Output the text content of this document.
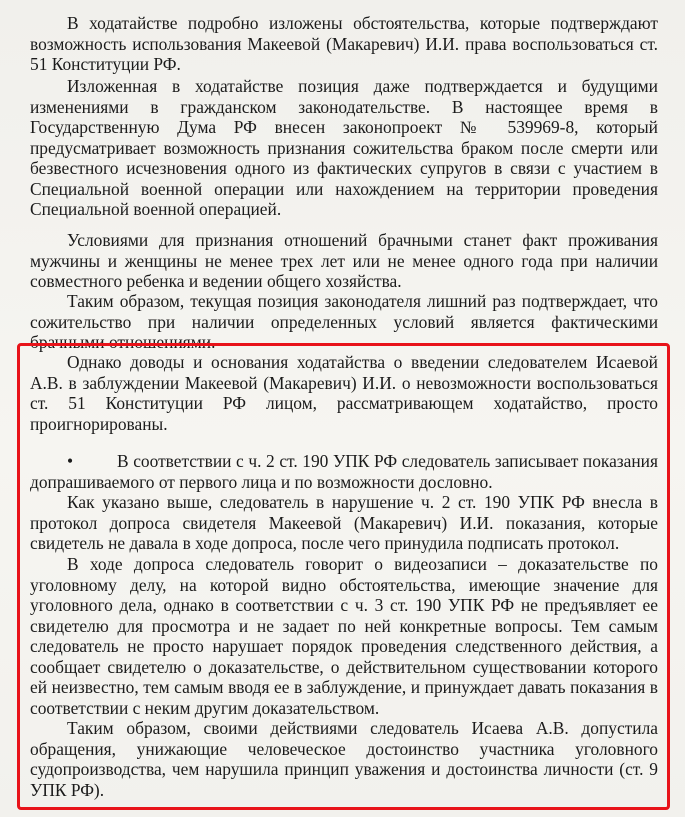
В ходатайстве подробно изложены обстоятельства, которые подтверждают возможность использования Макеевой (Макаревич) И.И. права воспользоваться ст. 51 Конституции РФ.

Изложенная в ходатайстве позиция даже подтверждается и будущими изменениями в гражданском законодательстве. В настоящее время в Государственную Дума РФ внесен законопроект № 539969-8, который предусматривает возможность признания сожительства браком после смерти или безвестного исчезновения одного из фактических супругов в связи с участием в Специальной военной операции или нахождением на территории проведения Специальной военной операцией.

Условиями для признания отношений брачными станет факт проживания мужчины и женщины не менее трех лет или не менее одного года при наличии совместного ребенка и ведении общего хозяйства.

Таким образом, текущая позиция законодателя лишний раз подтверждает, что сожительство при наличии определенных условий является фактическими брачными отношениями.

Однако доводы и основания ходатайства о введении следователем Исаевой А.В. в заблуждении Макеевой (Макаревич) И.И. о невозможности воспользоваться ст. 51 Конституции РФ лицом, рассматривающем ходатайство, просто проигнорированы.

•	В соответствии с ч. 2 ст. 190 УПК РФ следователь записывает показания допрашиваемого от первого лица и по возможности дословно.

Как указано выше, следователь в нарушение ч. 2 ст. 190 УПК РФ внесла в протокол допроса свидетеля Макеевой (Макаревич) И.И. показания, которые свидетель не давала в ходе допроса, после чего принудила подписать протокол.

В ходе допроса следователь говорит о видеозаписи – доказательстве по уголовному делу, на которой видно обстоятельства, имеющие значение для уголовного дела, однако в соответствии с ч. 3 ст. 190 УПК РФ не предъявляет ее свидетелю для просмотра и не задает по ней конкретные вопросы. Тем самым следователь не просто нарушает порядок проведения следственного действия, а сообщает свидетелю о доказательстве, о действительном существовании которого ей неизвестно, тем самым вводя ее в заблуждение, и принуждает давать показания в соответствии с неким другим доказательством.

Таким образом, своими действиями следователь Исаева А.В. допустила обращения, унижающие человеческое достоинство участника уголовного судопроизводства, чем нарушила принцип уважения и достоинства личности (ст. 9 УПК РФ).
